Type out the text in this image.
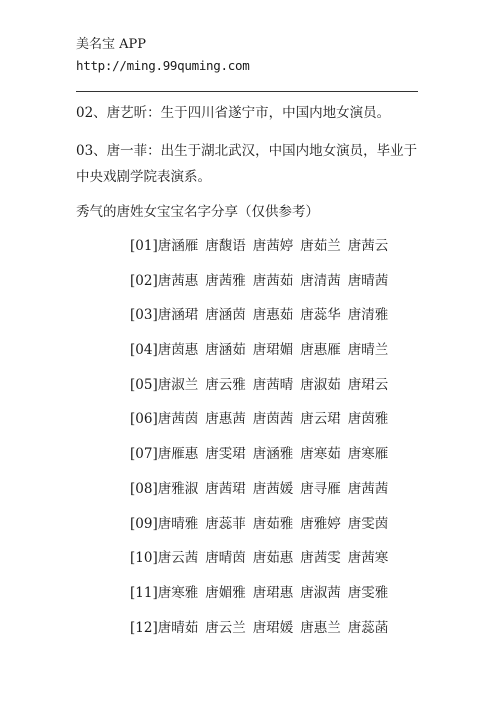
美名宝 APP
http://ming.99quming.com

02、唐艺昕：生于四川省遂宁市，中国内地女演员。

03、唐一菲：出生于湖北武汉，中国内地女演员，毕业于中央戏剧学院表演系。

秀气的唐姓女宝宝名字分享（仅供参考）

[01]唐涵雁 唐馥语 唐茜婷 唐茹兰 唐茜云
[02]唐茜惠 唐茜雅 唐茜茹 唐清茜 唐晴茜
[03]唐涵珺 唐涵茵 唐惠茹 唐蕊华 唐清雅
[04]唐茵惠 唐涵茹 唐珺媚 唐惠雁 唐晴兰
[05]唐淑兰 唐云雅 唐茜晴 唐淑茹 唐珺云
[06]唐茜茵 唐惠茜 唐茵茜 唐云珺 唐茵雅
[07]唐雁惠 唐雯珺 唐涵雅 唐寒茹 唐寒雁
[08]唐雅淑 唐茜珺 唐茜媛 唐寻雁 唐茜茜
[09]唐晴雅 唐蕊菲 唐茹雅 唐雅婷 唐雯茵
[10]唐云茜 唐晴茵 唐茹惠 唐茜雯 唐茜寒
[11]唐寒雅 唐媚雅 唐珺惠 唐淑茜 唐雯雅
[12]唐晴茹 唐云兰 唐珺媛 唐惠兰 唐蕊菡
